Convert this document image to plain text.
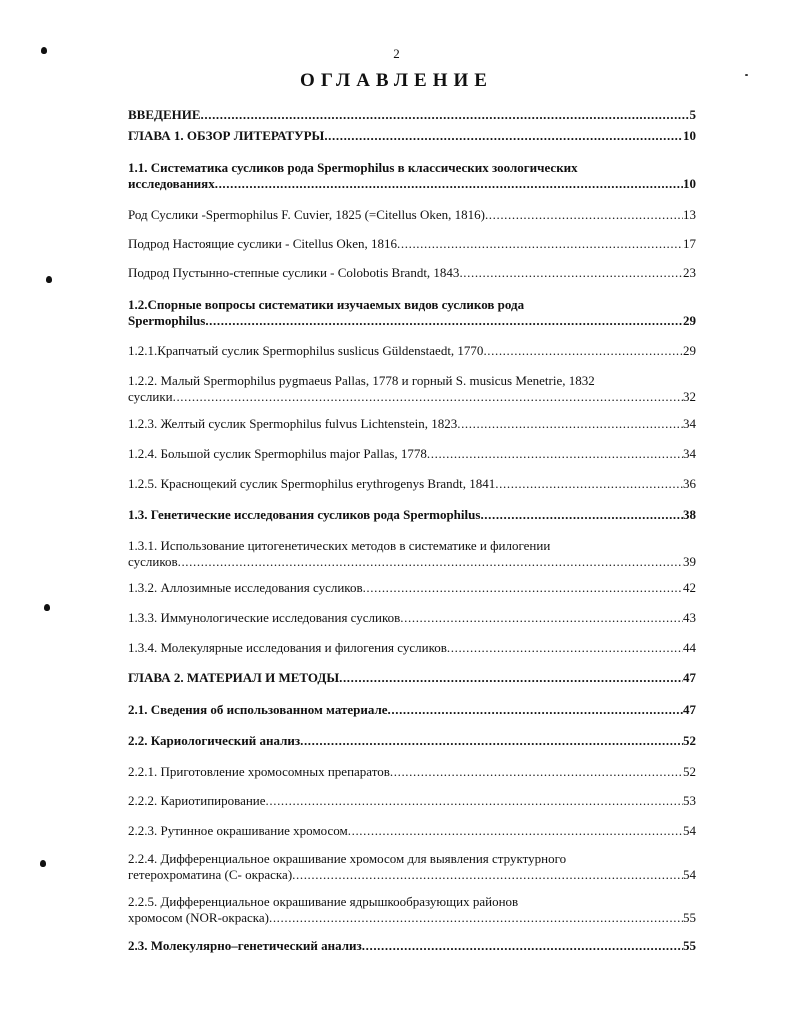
2
ОГЛАВЛЕНИЕ
ВВЕДЕНИЕ .....	5
ГЛАВА 1. ОБЗОР ЛИТЕРАТУРЫ .....	10
1.1. Систематика сусликов рода Spermophilus в классических зоологических
исследованиях .....	10
Род Суслики -Spermophilus F. Cuvier, 1825 (=Citellus Oken, 1816) .....	13
Подрод Настоящие суслики - Citellus Oken, 1816 .....	17
Подрод Пустынно-степные суслики - Colobotis Brandt, 1843 .....	23
1.2.Спорные вопросы систематики изучаемых видов сусликов рода
Spermophilus .....	29
1.2.1.Крапчатый суслик Spermophilus suslicus Güldenstaedt, 1770 .....	29
1.2.2. Малый Spermophilus pygmaeus Pallas, 1778 и горный S. musicus Menetrie, 1832
суслики .....	32
1.2.3. Желтый суслик Spermophilus fulvus Lichtenstein, 1823 .....	34
1.2.4. Большой суслик Spermophilus major Pallas, 1778 .....	34
1.2.5. Краснощекий суслик Spermophilus erythrogenys Brandt, 1841 .....	36
1.3. Генетические исследования сусликов рода Spermophilus .....	38
1.3.1. Использование цитогенетических методов в систематике и филогении
сусликов .....	39
1.3.2. Аллозимные исследования сусликов .....	42
1.3.3. Иммунологические исследования сусликов .....	43
1.3.4. Молекулярные исследования и филогения сусликов .....	44
ГЛАВА 2. МАТЕРИАЛ И МЕТОДЫ .....	47
2.1. Сведения об использованном материале .....	47
2.2. Кариологический анализ .....	52
2.2.1. Приготовление хромосомных препаратов .....	52
2.2.2. Кариотипирование .....	53
2.2.3. Рутинное окрашивание хромосом .....	54
2.2.4. Дифференциальное окрашивание хромосом для выявления структурного
гетерохроматина (С- окраска) .....	54
2.2.5. Дифференциальное окрашивание ядрышкообразующих районов
хромосом (NOR-окраска) .....	55
2.3. Молекулярно–генетический анализ .....	55
